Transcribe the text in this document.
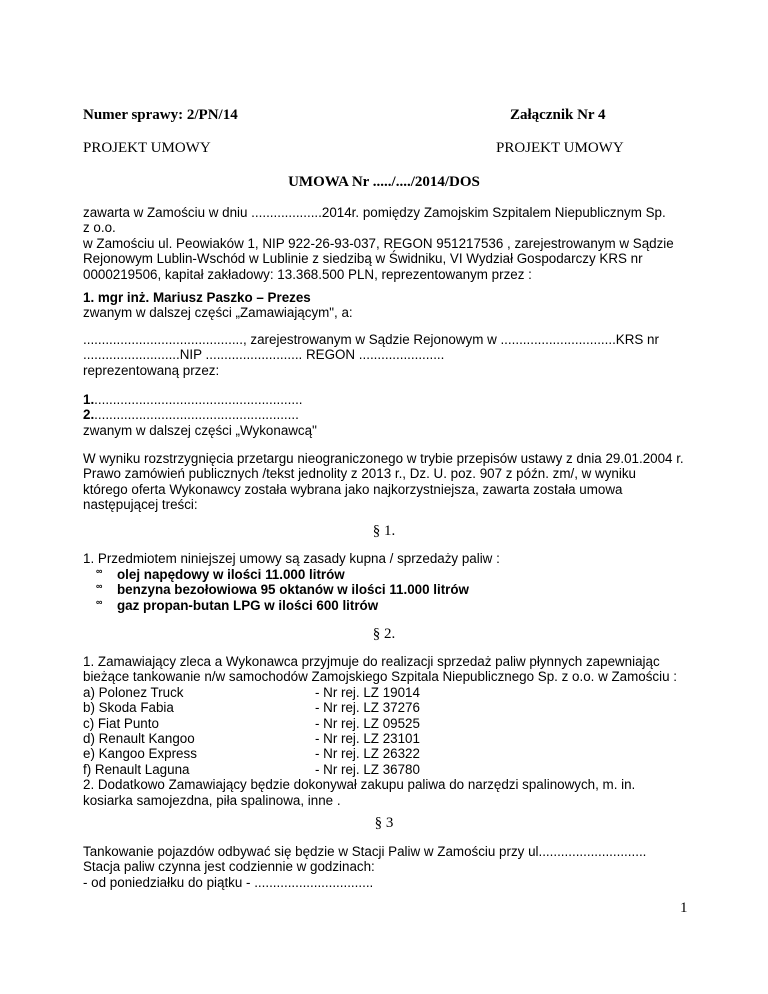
Numer sprawy: 2/PN/14	Załącznik Nr 4
PROJEKT UMOWY	PROJEKT UMOWY
UMOWA Nr ...../..../2014/DOS
zawarta w Zamościu w dniu ...................2014r. pomiędzy Zamojskim Szpitalem Niepublicznym Sp.
z o.o.
w Zamościu ul. Peowiaków 1, NIP 922-26-93-037, REGON 951217536 , zarejestrowanym w Sądzie
Rejonowym Lublin-Wschód w Lublinie z siedzibą w Świdniku, VI Wydział Gospodarczy KRS nr
0000219506, kapitał zakładowy: 13.368.500 PLN, reprezentowanym przez :
1. mgr inż. Mariusz Paszko – Prezes
zwanym w dalszej części „Zamawiającym", a:
..........................................., zarejestrowanym w Sądzie Rejonowym w ...............................KRS nr
..........................NIP .......................... REGON .......................
reprezentowaną przez:
1.........................................................
2........................................................
zwanym w dalszej części „Wykonawcą"
W wyniku rozstrzygnięcia przetargu nieograniczonego w trybie przepisów ustawy z dnia 29.01.2004 r.
Prawo zamówień publicznych /tekst jednolity z 2013 r., Dz. U. poz. 907 z późn. zm/, w wyniku
którego oferta Wykonawcy została wybrana jako najkorzystniejsza, zawarta została umowa
następującej treści:
§ 1.
1. Przedmiotem niniejszej umowy są zasady kupna / sprzedaży paliw :
∞ olej napędowy w ilości 11.000 litrów
∞ benzyna bezołowiowa 95 oktanów w ilości 11.000 litrów
∞ gaz propan-butan LPG w ilości 600 litrów
§ 2.
1. Zamawiający zleca a Wykonawca przyjmuje do realizacji sprzedaż paliw płynnych zapewniając
bieżące tankowanie n/w samochodów Zamojskiego Szpitala Niepublicznego Sp. z o.o. w Zamościu :
a) Polonez Truck	- Nr rej. LZ 19014
b) Skoda Fabia	- Nr rej. LZ 37276
c) Fiat Punto	- Nr rej. LZ 09525
d) Renault Kangoo	- Nr rej. LZ 23101
e) Kangoo Express	- Nr rej. LZ 26322
f) Renault Laguna	- Nr rej. LZ 36780
2. Dodatkowo Zamawiający będzie dokonywał zakupu paliwa do narzędzi spalinowych, m. in.
kosiarka samojezdna, piła spalinowa, inne .
§ 3
Tankowanie pojazdów odbywać się będzie w Stacji Paliw w Zamościu przy ul.............................
Stacja paliw czynna jest codziennie w godzinach:
- od poniedziałku do piątku - ................................
1
